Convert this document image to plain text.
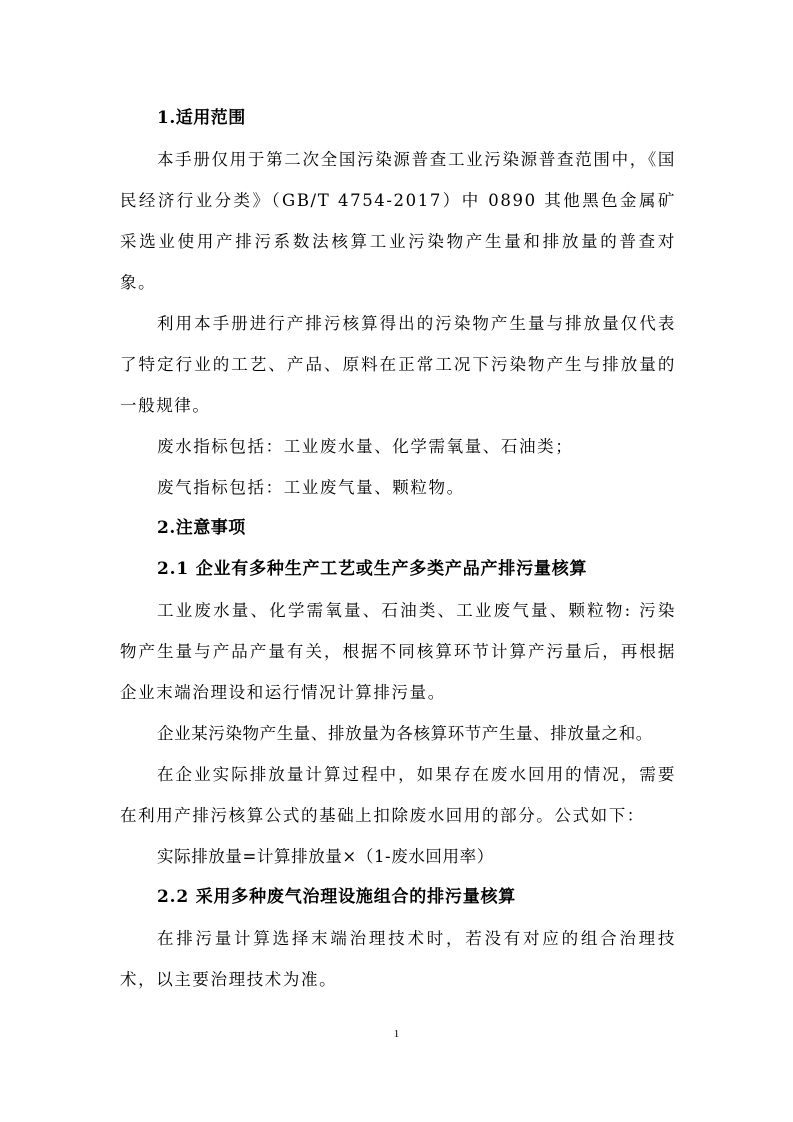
1.适用范围

本手册仅用于第二次全国污染源普查工业污染源普查范围中，《国民经济行业分类》（GB/T 4754-2017）中 0890 其他黑色金属矿采选业使用产排污系数法核算工业污染物产生量和排放量的普查对象。

利用本手册进行产排污核算得出的污染物产生量与排放量仅代表了特定行业的工艺、产品、原料在正常工况下污染物产生与排放量的一般规律。

废水指标包括：工业废水量、化学需氧量、石油类；

废气指标包括：工业废气量、颗粒物。

2.注意事项
2.1 企业有多种生产工艺或生产多类产品产排污量核算

工业废水量、化学需氧量、石油类、工业废气量、颗粒物: 污染物产生量与产品产量有关，根据不同核算环节计算产污量后，再根据企业末端治理设和运行情况计算排污量。

企业某污染物产生量、排放量为各核算环节产生量、排放量之和。

在企业实际排放量计算过程中，如果存在废水回用的情况，需要在利用产排污核算公式的基础上扣除废水回用的部分。公式如下：

实际排放量=计算排放量×（1-废水回用率）

2.2 采用多种废气治理设施组合的排污量核算

在排污量计算选择末端治理技术时，若没有对应的组合治理技术，以主要治理技术为准。

1
